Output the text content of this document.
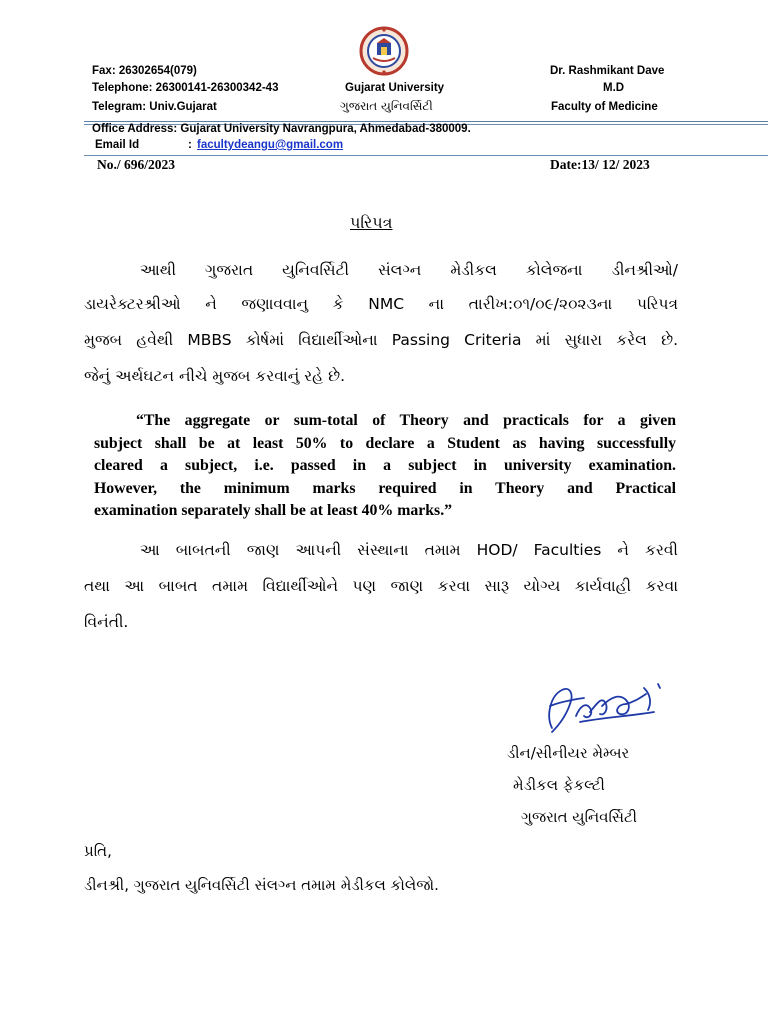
Fax: 26302654(079)
Telephone: 26300141-26300342-43
Telegram: Univ.Gujarat
Gujarat University
ગુજરાત યુનિવર્સિટી
Dr. Rashmikant Dave
M.D
Faculty of Medicine
Office Address: Gujarat University Navrangpura, Ahmedabad-380009.
Email Id	: facultydeangu@gmail.com
No./ 696/2023	Date:13/ 12/ 2023
પરિપત્ર
આથી ગુજરાત યુનિવર્સિટી સંલગ્ન મેડીકલ કોલેજના ડીનશ્રીઓ/
ડાયરેક્ટરશ્રીઓ ને જણાવવાનુ કે NMC ના તારીખ:૦૧/૦૯/૨૦૨૩ના પરિપત્ર
મુજબ હવેથી MBBS કોર્ષમાં વિદ્યાર્થીઓના Passing Criteria માં સુધારા કરેલ છે.
જેનું અર્થઘટન નીચે મુજબ કરવાનું રહે છે.
“The aggregate or sum-total of Theory and practicals for a given
subject shall be at least 50% to declare a Student as having successfully
cleared a subject, i.e. passed in a subject in university examination.
However, the minimum marks required in Theory and Practical
examination separately shall be at least 40% marks.”
આ બાબતની જાણ આપની સંસ્થાના તમામ HOD/ Faculties ને કરવી
તથા આ બાબત તમામ વિદ્યાર્થીઓને પણ જાણ કરવા સારૂ યોગ્ય કાર્યવાહી કરવા
વિનંતી.
ડીન/સીનીયર મેમ્બર
મેડીકલ ફેકલ્ટી
ગુજરાત યુનિવર્સિટી
પ્રતિ,
ડીનશ્રી, ગુજરાત યુનિવર્સિટી સંલગ્ન તમામ મેડીકલ કોલેજો.
